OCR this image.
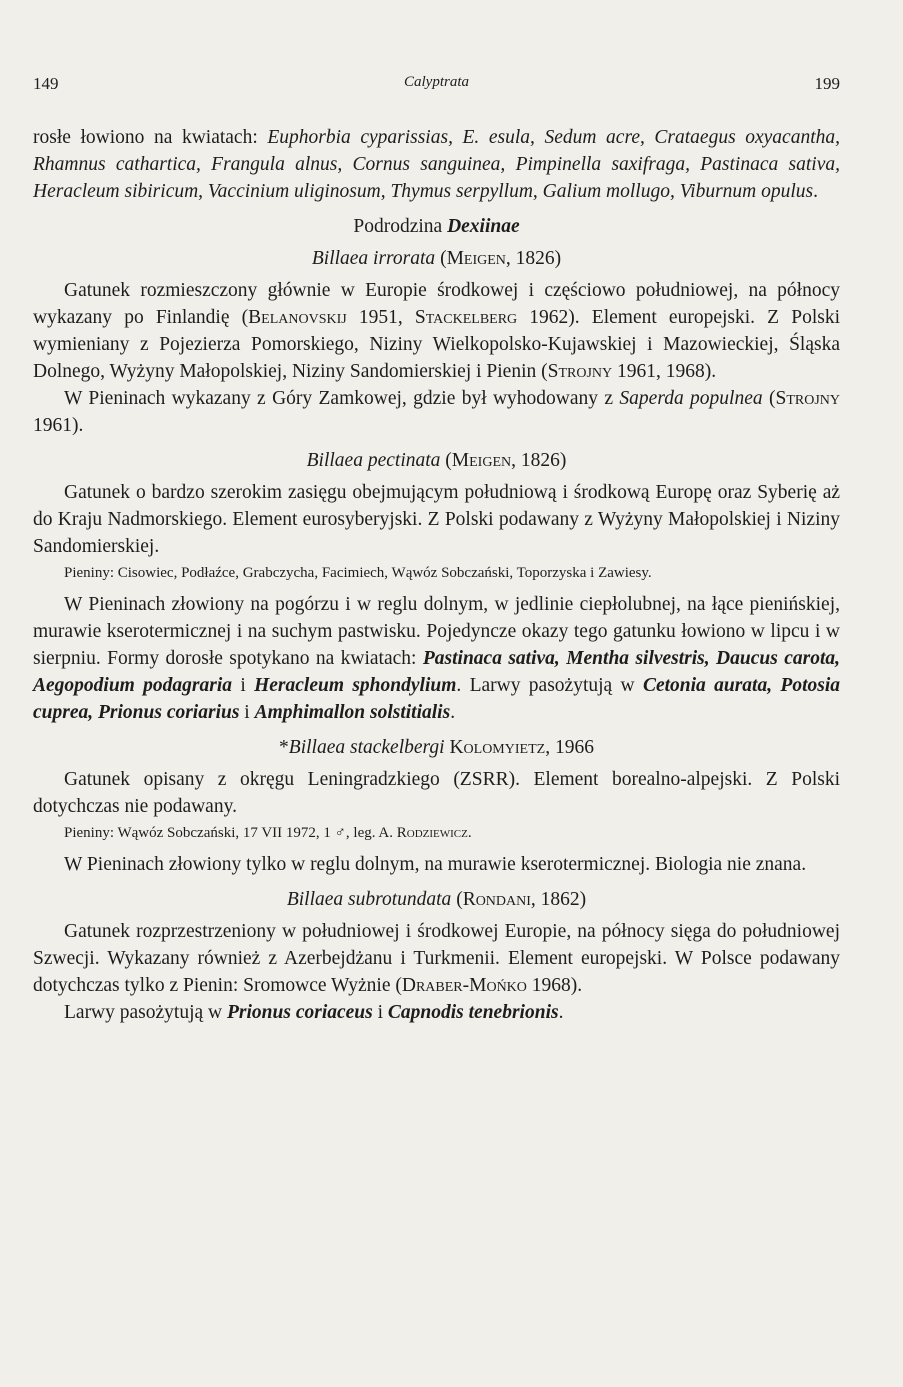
149	Calyptrata	199

rosłe łowiono na kwiatach: Euphorbia cyparissias, E. esula, Sedum acre, Crataegus oxyacantha, Rhamnus cathartica, Frangula alnus, Cornus sanguinea, Pimpinella saxifraga, Pastinaca sativa, Heracleum sibiricum, Vaccinium uliginosum, Thymus serpyllum, Galium mollugo, Viburnum opulus.

Podrodzina Dexiinae
Billaea irrorata (Meigen, 1826)

Gatunek rozmieszczony głównie w Europie środkowej i częściowo południowej, na północy wykazany po Finlandię (Belanovskij 1951, Stackelberg 1962). Element europejski. Z Polski wymieniany z Pojezierza Pomorskiego, Niziny Wielkopolsko-Kujawskiej i Mazowieckiej, Śląska Dolnego, Wyżyny Małopolskiej, Niziny Sandomierskiej i Pienin (Strojny 1961, 1968).

W Pieninach wykazany z Góry Zamkowej, gdzie był wyhodowany z Saperda populnea (Strojny 1961).

Billaea pectinata (Meigen, 1826)

Gatunek o bardzo szerokim zasięgu obejmującym południową i środkową Europę oraz Syberię aż do Kraju Nadmorskiego. Element eurosyberyjski. Z Polski podawany z Wyżyny Małopolskiej i Niziny Sandomierskiej.

Pieniny: Cisowiec, Podłaźce, Grabczycha, Facimiech, Wąwóz Sobczański, Toporzyska i Zawiesy.

W Pieninach złowiony na pogórzu i w reglu dolnym, w jedlinie ciepłolubnej, na łące pienińskiej, murawie kserotermicznej i na suchym pastwisku. Pojedyncze okazy tego gatunku łowiono w lipcu i w sierpniu. Formy dorosłe spotykano na kwiatach: Pastinaca sativa, Mentha silvestris, Daucus carota, Aegopodium podagraria i Heracleum sphondylium. Larwy pasożytują w Cetonia aurata, Potosia cuprea, Prionus coriarius i Amphimallon solstitialis.

*Billaea stackelbergi Kolomyietz, 1966

Gatunek opisany z okręgu Leningradzkiego (ZSRR). Element borealno-alpejski. Z Polski dotychczas nie podawany.

Pieniny: Wąwóz Sobczański, 17 VII 1972, 1 ♂, leg. A. Rodziewicz.

W Pieninach złowiony tylko w reglu dolnym, na murawie kserotermicznej. Biologia nie znana.

Billaea subrotundata (Rondani, 1862)

Gatunek rozprzestrzeniony w południowej i środkowej Europie, na północy sięga do południowej Szwecji. Wykazany również z Azerbejdżanu i Turkmenii. Element europejski. W Polsce podawany dotychczas tylko z Pienin: Sromowce Wyżnie (Draber-Mońko 1968).

Larwy pasożytują w Prionus coriaceus i Capnodis tenebrionis.
